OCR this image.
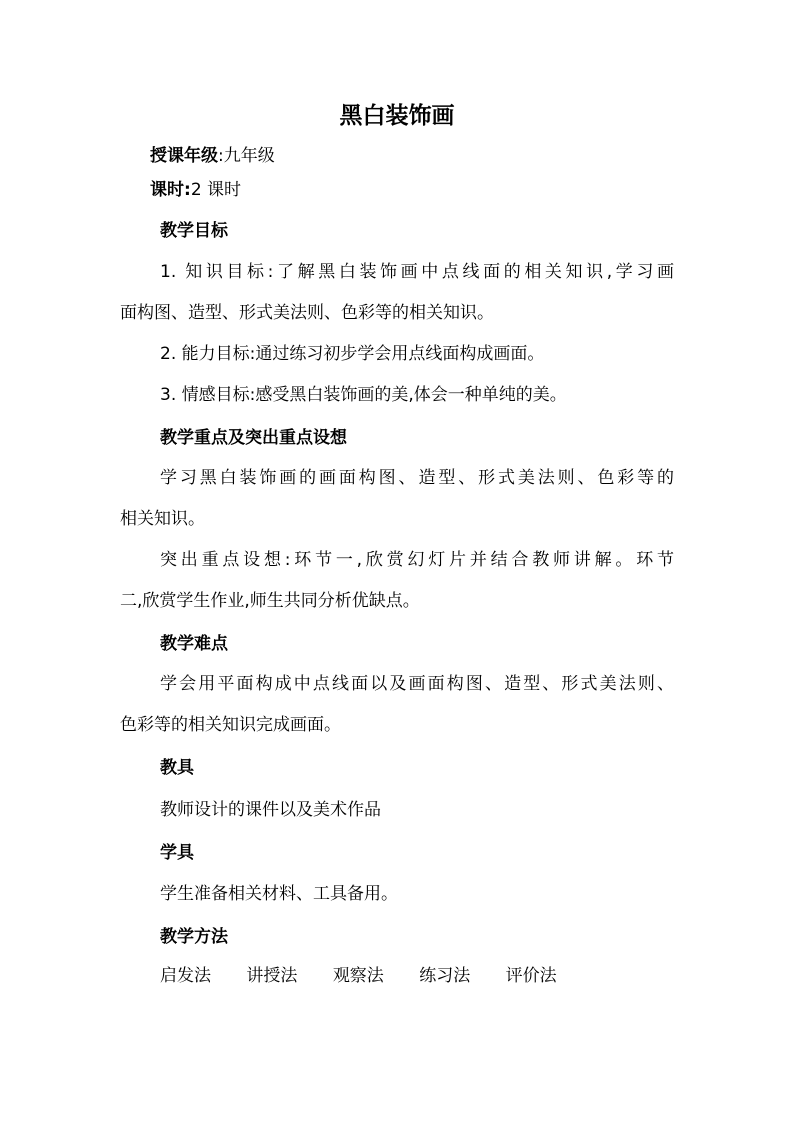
黑白装饰画
授课年级:九年级
课时:2 课时
教学目标
1. 知识目标:了解黑白装饰画中点线面的相关知识,学习画
面构图、造型、形式美法则、色彩等的相关知识。
2. 能力目标:通过练习初步学会用点线面构成画面。
3. 情感目标:感受黑白装饰画的美,体会一种单纯的美。
教学重点及突出重点设想
学习黑白装饰画的画面构图、造型、形式美法则、色彩等的
相关知识。
突出重点设想:环节一,欣赏幻灯片并结合教师讲解。环节
二,欣赏学生作业,师生共同分析优缺点。
教学难点
学会用平面构成中点线面以及画面构图、造型、形式美法则、
色彩等的相关知识完成画面。
教具
教师设计的课件以及美术作品
学具
学生准备相关材料、工具备用。
教学方法
启发法 讲授法 观察法 练习法 评价法
